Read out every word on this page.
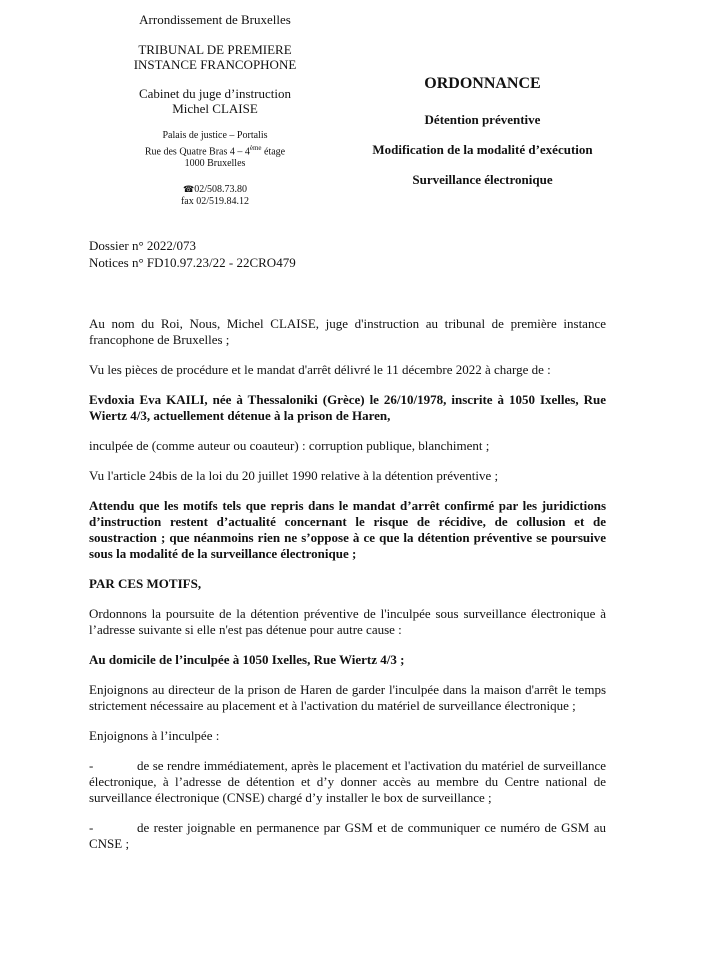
Arrondissement de Bruxelles
TRIBUNAL DE PREMIERE
INSTANCE FRANCOPHONE
Cabinet du juge d’instruction
Michel CLAISE
Palais de justice – Portalis
Rue des Quatre Bras 4 – 4ème étage
1000 Bruxelles
☎02/508.73.80
fax 02/519.84.12
ORDONNANCE
Détention préventive
Modification de la modalité d’exécution
Surveillance électronique
Dossier n° 2022/073
Notices n° FD10.97.23/22 - 22CRO479

Au nom du Roi, Nous, Michel CLAISE, juge d'instruction au tribunal de première instance francophone de Bruxelles ;

Vu les pièces de procédure et le mandat d'arrêt délivré le 11 décembre 2022 à charge de :

Evdoxia Eva KAILI, née à Thessaloniki (Grèce) le 26/10/1978, inscrite à 1050 Ixelles, Rue Wiertz 4/3, actuellement détenue à la prison de Haren,

inculpée de (comme auteur ou coauteur) : corruption publique, blanchiment ;

Vu l'article 24bis de la loi du 20 juillet 1990 relative à la détention préventive ;

Attendu que les motifs tels que repris dans le mandat d’arrêt confirmé par les juridictions d’instruction restent d’actualité concernant le risque de récidive, de collusion et de soustraction ; que néanmoins rien ne s’oppose à ce que la détention préventive se poursuive sous la modalité de la surveillance électronique ;

PAR CES MOTIFS,

Ordonnons la poursuite de la détention préventive de l'inculpée sous surveillance électronique à l’adresse suivante si elle n'est pas détenue pour autre cause :

Au domicile de l’inculpée à 1050 Ixelles, Rue Wiertz 4/3 ;

Enjoignons au directeur de la prison de Haren de garder l'inculpée dans la maison d'arrêt le temps strictement nécessaire au placement et à l'activation du matériel de surveillance électronique ;

Enjoignons à l’inculpée :

-	de se rendre immédiatement, après le placement et l'activation du matériel de surveillance électronique, à l’adresse de détention et d’y donner accès au membre du Centre national de surveillance électronique (CNSE) chargé d’y installer le box de surveillance ;

-	de rester joignable en permanence par GSM et de communiquer ce numéro de GSM au CNSE ;
